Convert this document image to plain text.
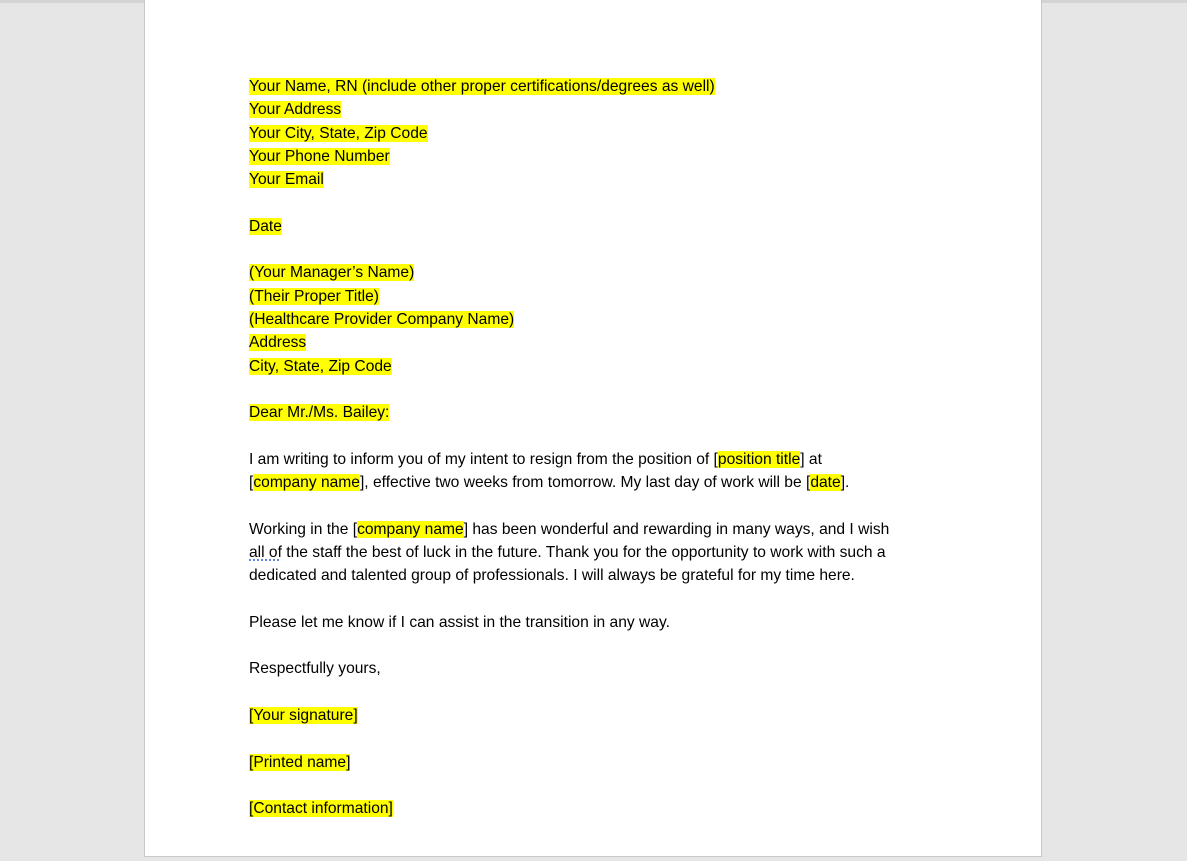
Your Name, RN (include other proper certifications/degrees as well)
Your Address
Your City, State, Zip Code
Your Phone Number
Your Email
Date
(Your Manager’s Name)
(Their Proper Title)
(Healthcare Provider Company Name)
Address
City, State, Zip Code
Dear Mr./Ms. Bailey:
I am writing to inform you of my intent to resign from the position of [position title] at
[company name], effective two weeks from tomorrow. My last day of work will be [date].
Working in the [company name] has been wonderful and rewarding in many ways, and I wish
all of the staff the best of luck in the future. Thank you for the opportunity to work with such a
dedicated and talented group of professionals. I will always be grateful for my time here.
Please let me know if I can assist in the transition in any way.
Respectfully yours,
[Your signature]
[Printed name]
[Contact information]
